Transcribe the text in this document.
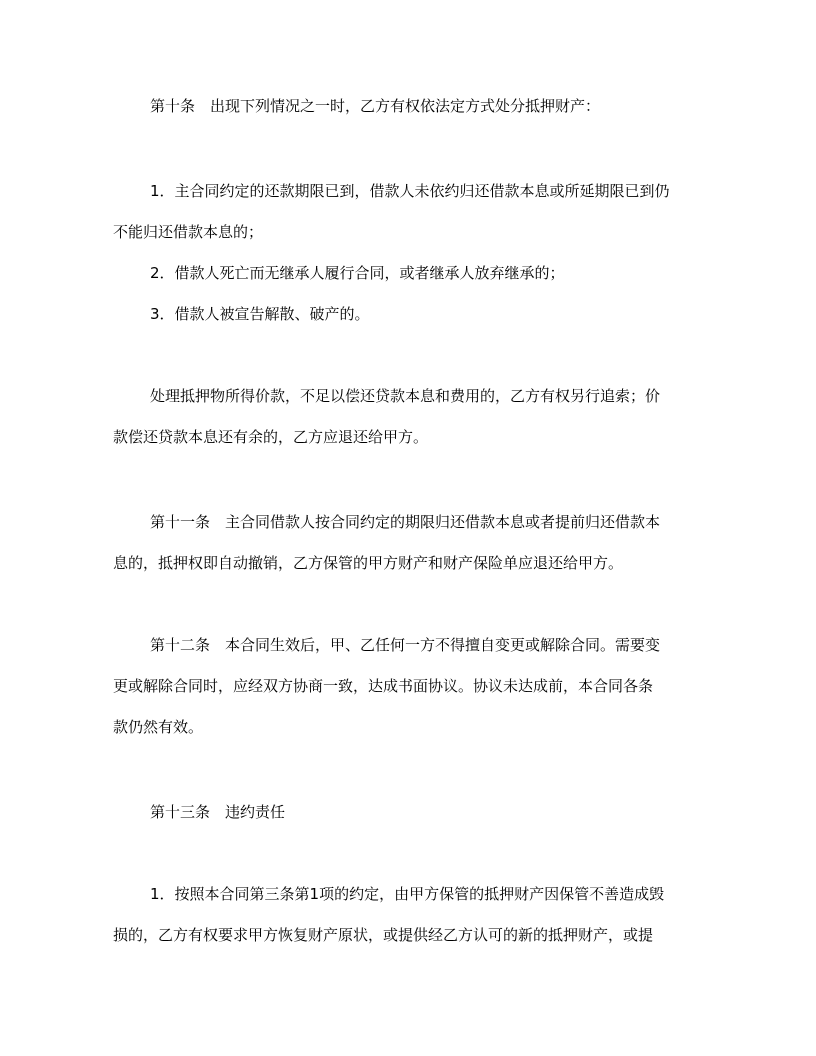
第十条　出现下列情况之一时，乙方有权依法定方式处分抵押财产：
1．主合同约定的还款期限已到，借款人未依约归还借款本息或所延期限已到仍
不能归还借款本息的；
2．借款人死亡而无继承人履行合同，或者继承人放弃继承的；
3．借款人被宣告解散、破产的。
处理抵押物所得价款，不足以偿还贷款本息和费用的，乙方有权另行追索；价
款偿还贷款本息还有余的，乙方应退还给甲方。
第十一条　主合同借款人按合同约定的期限归还借款本息或者提前归还借款本
息的，抵押权即自动撤销，乙方保管的甲方财产和财产保险单应退还给甲方。
第十二条　本合同生效后，甲、乙任何一方不得擅自变更或解除合同。需要变
更或解除合同时，应经双方协商一致，达成书面协议。协议未达成前，本合同各条
款仍然有效。
第十三条　违约责任
1．按照本合同第三条第1项的约定，由甲方保管的抵押财产因保管不善造成毁
损的，乙方有权要求甲方恢复财产原状，或提供经乙方认可的新的抵押财产，或提
